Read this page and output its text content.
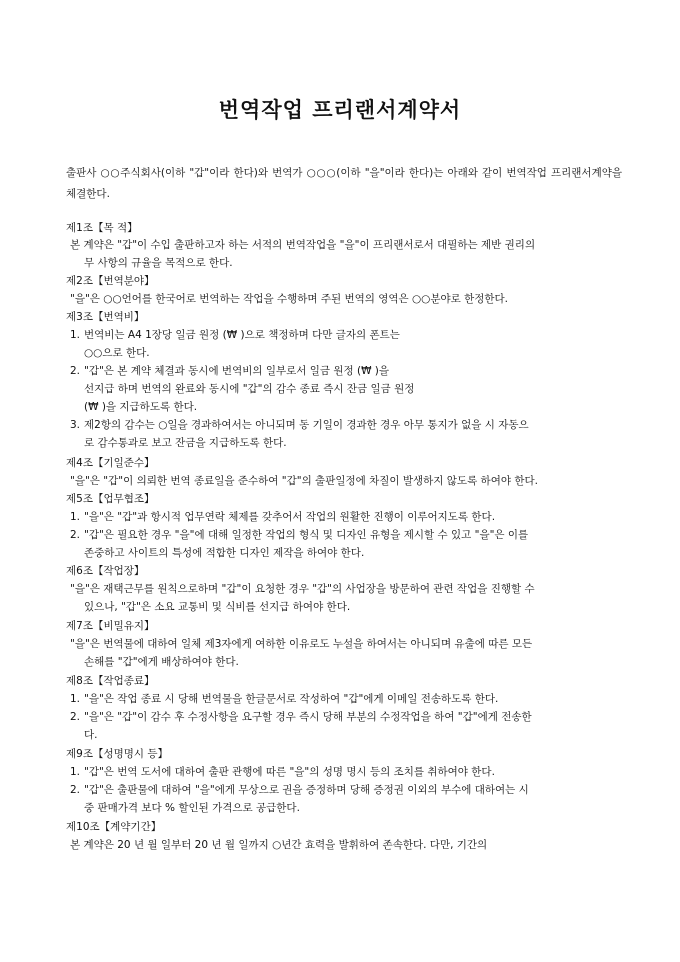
번역작업 프리랜서계약서

출판사 ○○주식회사(이하 "갑"이라 한다)와 번역가 ○○○(이하 "을"이라 한다)는 아래와 같이 번역작업 프리랜서계약을 체결한다.

제1조【목 적】
본 계약은 "갑"이 수입 출판하고자 하는 서적의 번역작업을 "을"이 프리랜서로서 대필하는 제반 권리의
무 사항의 규율을 목적으로 한다.
제2조【번역분야】
"을"은 ○○언어를 한국어로 번역하는 작업을 수행하며 주된 번역의 영역은 ○○분야로 한정한다.
제3조【번역비】
1. 번역비는 A4 1장당 일금 원정 (₩ )으로 책정하며 다만 글자의 폰트는
○○으로 한다.
2. "갑"은 본 계약 체결과 동시에 번역비의 일부로서 일금 원정 (₩ )을
선지급 하며 번역의 완료와 동시에 "갑"의 감수 종료 즉시 잔금 일금 원정
(₩ )을 지급하도록 한다.
3. 제2항의 감수는 ○일을 경과하여서는 아니되며 동 기일이 경과한 경우 아무 통지가 없을 시 자동으
로 감수통과로 보고 잔금을 지급하도록 한다.
제4조【기일준수】
"을"은 "갑"이 의뢰한 번역 종료일을 준수하여 "갑"의 출판일정에 차질이 발생하지 않도록 하여야 한다.
제5조【업무협조】
1. "을"은 "갑"과 항시적 업무연락 체제를 갖추어서 작업의 원활한 진행이 이루어지도록 한다.
2. "갑"은 필요한 경우 "을"에 대해 일정한 작업의 형식 및 디자인 유형을 제시할 수 있고 "을"은 이를
존중하고 사이트의 특성에 적합한 디자인 제작을 하여야 한다.
제6조【작업장】
"을"은 재택근무를 원칙으로하며 "갑"이 요청한 경우 "갑"의 사업장을 방문하여 관련 작업을 진행할 수
있으나, "갑"은 소요 교통비 및 식비를 선지급 하여야 한다.
제7조【비밀유지】
"을"은 번역물에 대하여 일체 제3자에게 여하한 이유로도 누설을 하여서는 아니되며 유출에 따른 모든
손해를 "갑"에게 배상하여야 한다.
제8조【작업종료】
1. "을"은 작업 종료 시 당해 번역물을 한글문서로 작성하여 "갑"에게 이메일 전송하도록 한다.
2. "을"은 "갑"이 감수 후 수정사항을 요구할 경우 즉시 당해 부분의 수정작업을 하여 "갑"에게 전송한
다.
제9조【성명명시 등】
1. "갑"은 번역 도서에 대하여 출판 관행에 따른 "을"의 성명 명시 등의 조치를 취하여야 한다.
2. "갑"은 출판물에 대하여 "을"에게 무상으로 권을 증정하며 당해 증정권 이외의 부수에 대하여는 시
중 판매가격 보다 % 할인된 가격으로 공급한다.
제10조【계약기간】
본 계약은 20 년 월 일부터 20 년 월 일까지 ○년간 효력을 발휘하여 존속한다. 다만, 기간의
